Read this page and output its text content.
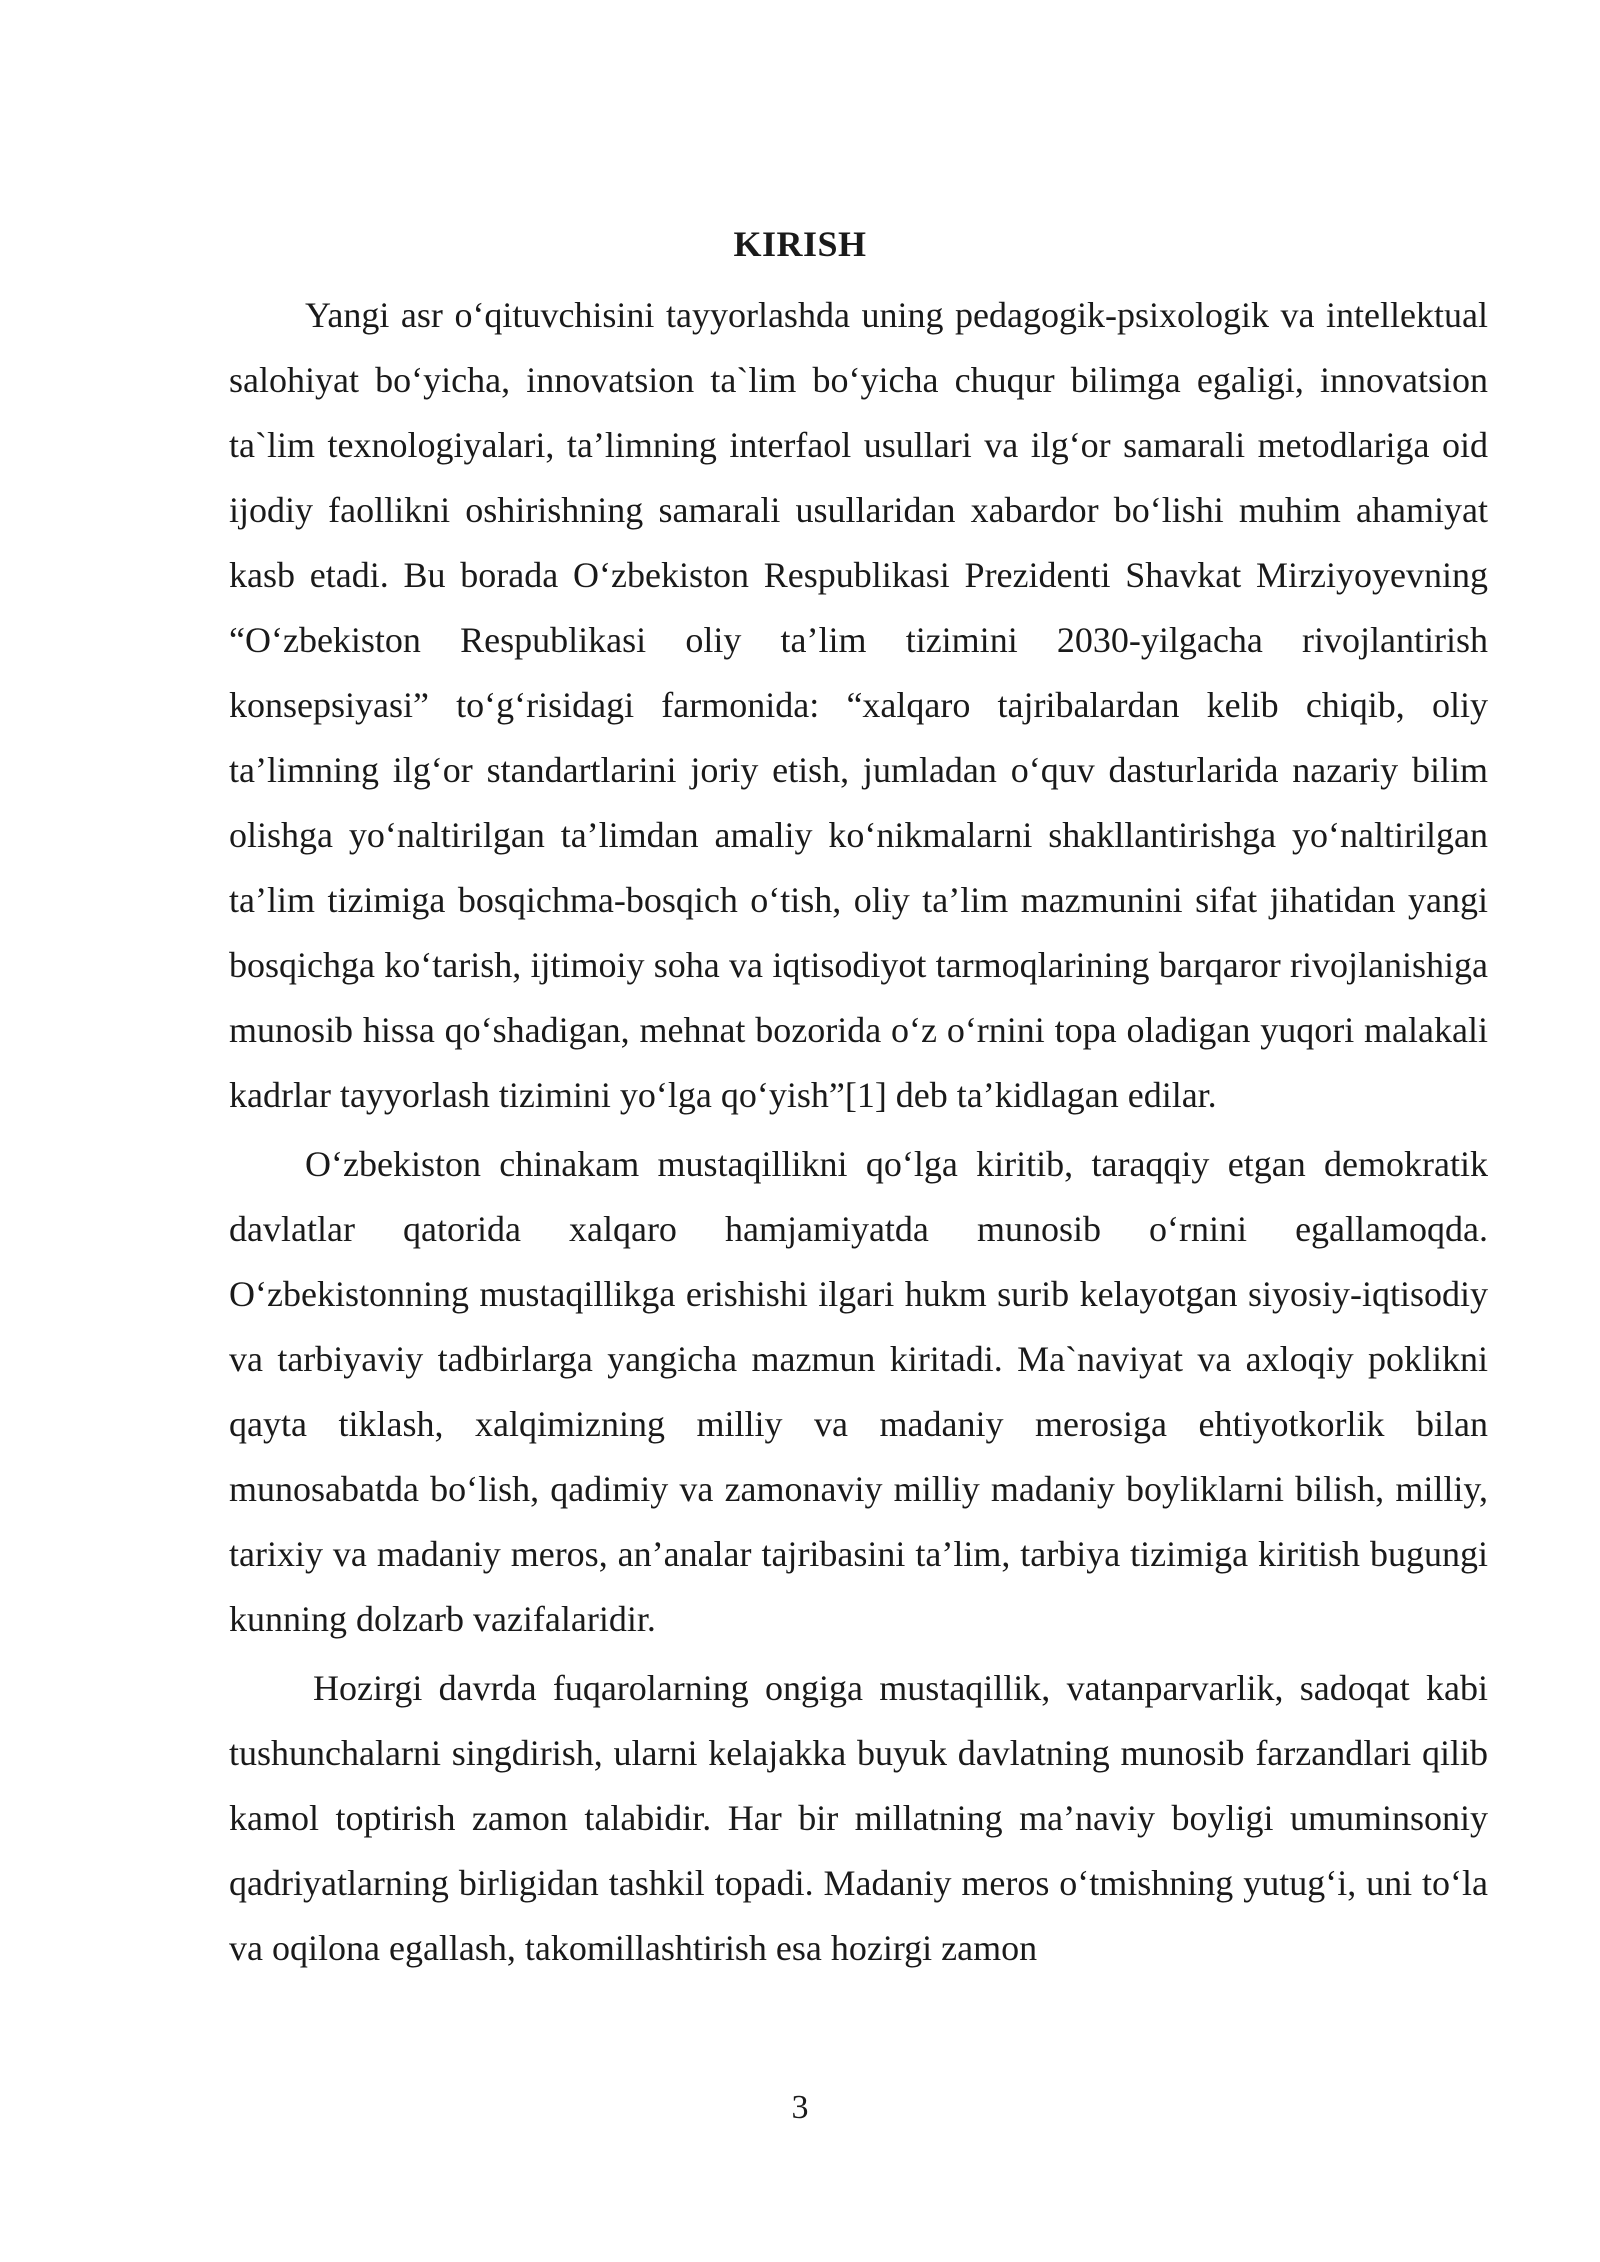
KIRISH

Yangi asr o‘qituvchisini tayyorlashda uning pedagogik-psixologik va intellektual salohiyat bo‘yicha, innovatsion ta`lim bo‘yicha chuqur bilimga egaligi, innovatsion ta`lim texnologiyalari, ta’limning interfaol usullari va ilg‘or samarali metodlariga oid ijodiy faollikni oshirishning samarali usullaridan xabardor bo‘lishi muhim ahamiyat kasb etadi. Bu borada O‘zbekiston Respublikasi Prezidenti Shavkat Mirziyoyevning “O‘zbekiston Respublikasi oliy ta’lim tizimini 2030-yilgacha rivojlantirish konsepsiyasi” to‘g‘risidagi farmonida: “xalqaro tajribalardan kelib chiqib, oliy ta’limning ilg‘or standartlarini joriy etish, jumladan o‘quv dasturlarida nazariy bilim olishga yo‘naltirilgan ta’limdan amaliy ko‘nikmalarni shakllantirishga yo‘naltirilgan ta’lim tizimiga bosqichma-bosqich o‘tish, oliy ta’lim mazmunini sifat jihatidan yangi bosqichga ko‘tarish, ijtimoiy soha va iqtisodiyot tarmoqlarining barqaror rivojlanishiga munosib hissa qo‘shadigan, mehnat bozorida o‘z o‘rnini topa oladigan yuqori malakali kadrlar tayyorlash tizimini yo‘lga qo‘yish”[1] deb ta’kidlagan edilar.

O‘zbekiston chinakam mustaqillikni qo‘lga kiritib, taraqqiy etgan demokratik davlatlar qatorida xalqaro hamjamiyatda munosib o‘rnini egallamoqda. O‘zbekistonning mustaqillikga erishishi ilgari hukm surib kelayotgan siyosiy-iqtisodiy va tarbiyaviy tadbirlarga yangicha mazmun kiritadi. Ma`naviyat va axloqiy poklikni qayta tiklash, xalqimizning milliy va madaniy merosiga ehtiyotkorlik bilan munosabatda bo‘lish, qadimiy va zamonaviy milliy madaniy boyliklarni bilish, milliy, tarixiy va madaniy meros, an’analar tajribasini ta’lim, tarbiya tizimiga kiritish bugungi kunning dolzarb vazifalaridir.

Hozirgi davrda fuqarolarning ongiga mustaqillik, vatanparvarlik, sadoqat kabi tushunchalarni singdirish, ularni kelajakka buyuk davlatning munosib farzandlari qilib kamol toptirish zamon talabidir. Har bir millatning ma’naviy boyligi umuminsoniy qadriyatlarning birligidan tashkil topadi. Madaniy meros o‘tmishning yutug‘i, uni to‘la va oqilona egallash, takomillashtirish esa hozirgi zamon

3
